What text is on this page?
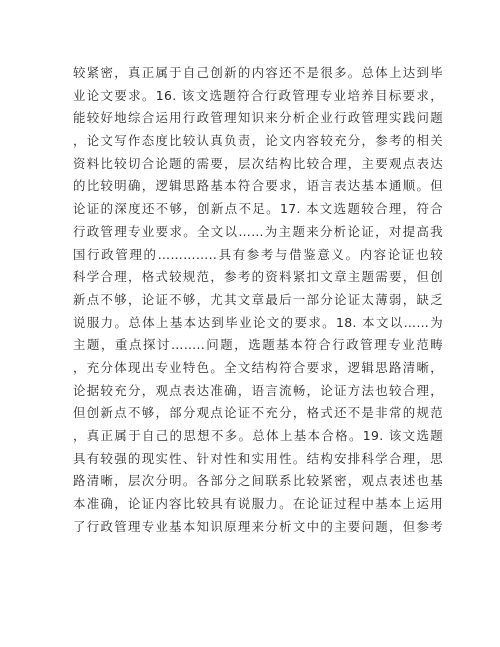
较紧密，真正属于自己创新的内容还不是很多。总体上达到毕
业论文要求。16. 该文选题符合行政管理专业培养目标要求，
能较好地综合运用行政管理知识来分析企业行政管理实践问题
，论文写作态度比较认真负责，论文内容较充分，参考的相关
资料比较切合论题的需要，层次结构比较合理，主要观点表达
的比较明确，逻辑思路基本符合要求，语言表达基本通顺。但
论证的深度还不够，创新点不足。17. 本文选题较合理，符合
行政管理专业要求。全文以……为主题来分析论证，对提高我
国行政管理的…………..具有参考与借鉴意义。内容论证也较
科学合理，格式较规范，参考的资料紧扣文章主题需要，但创
新点不够，论证不够，尤其文章最后一部分论证太薄弱，缺乏
说服力。总体上基本达到毕业论文的要求。18. 本文以……为
主题，重点探讨……..问题，选题基本符合行政管理专业范畴
，充分体现出专业特色。全文结构符合要求，逻辑思路清晰，
论据较充分，观点表达准确，语言流畅，论证方法也较合理，
但创新点不够，部分观点论证不充分，格式还不是非常的规范
，真正属于自己的思想不多。总体上基本合格。19. 该文选题
具有较强的现实性、针对性和实用性。结构安排科学合理，思
路清晰，层次分明。各部分之间联系比较紧密，观点表述也基
本准确，论证内容比较具有说服力。在论证过程中基本上运用
了行政管理专业基本知识原理来分析文中的主要问题，但参考
